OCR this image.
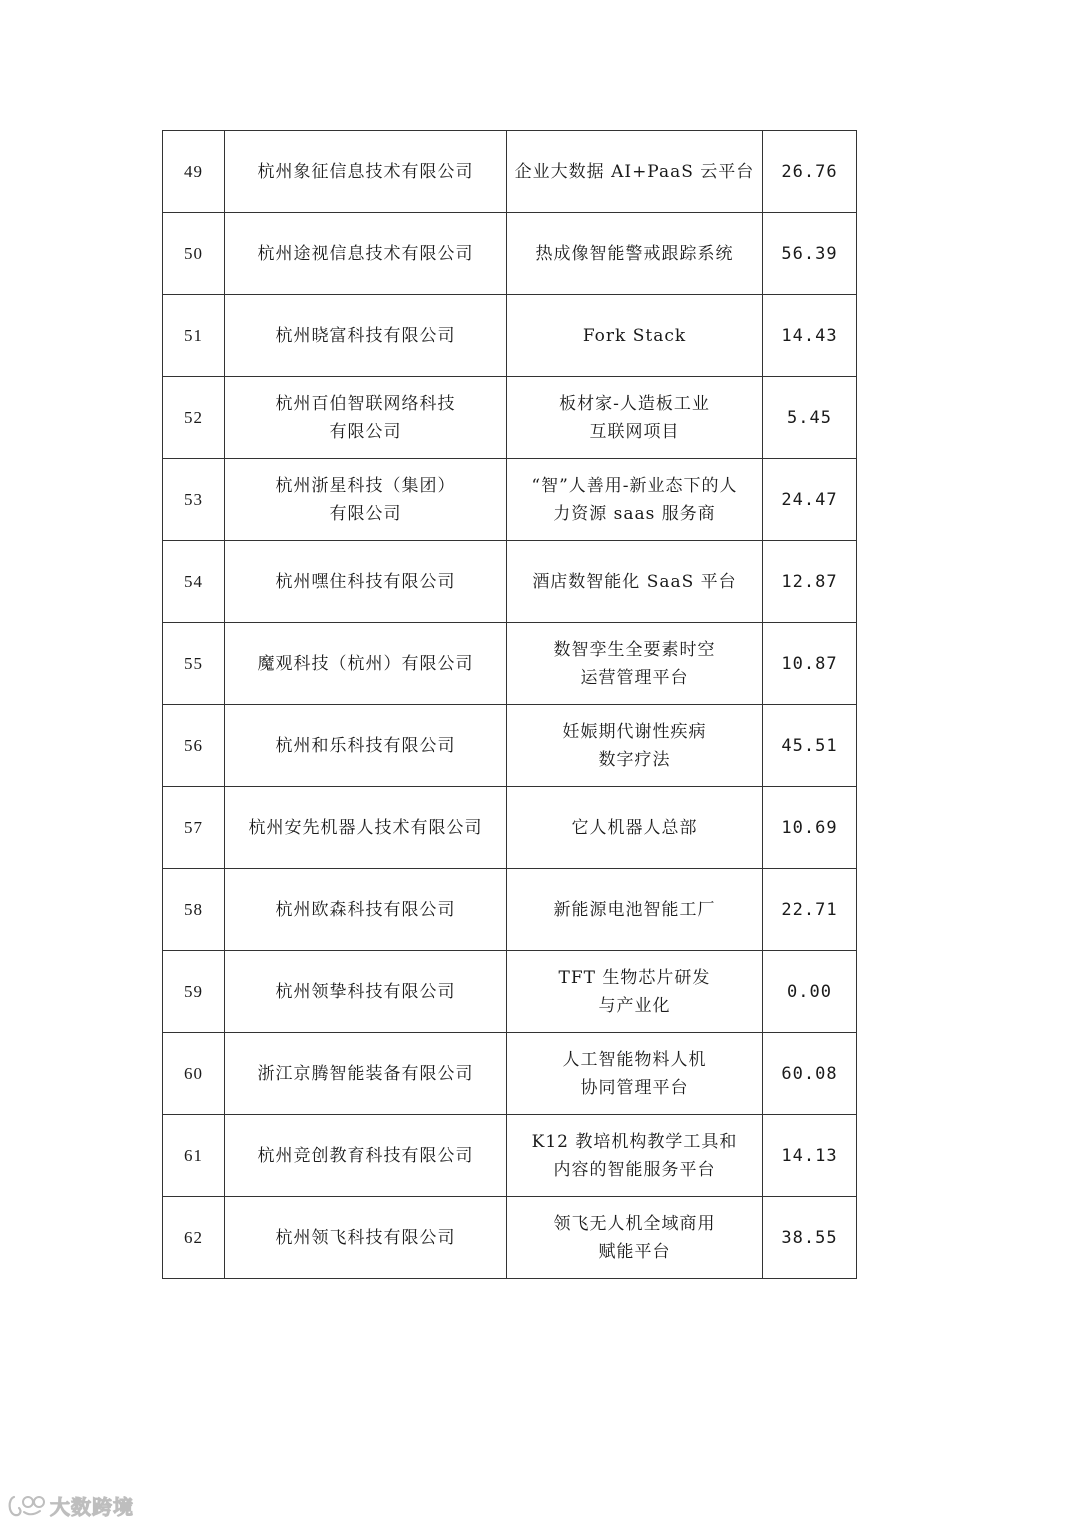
49	杭州象征信息技术有限公司	企业大数据 AI+PaaS 云平台	26.76
50	杭州途视信息技术有限公司	热成像智能警戒跟踪系统	56.39
51	杭州晓富科技有限公司	Fork Stack	14.43
52	杭州百伯智联网络科技
有限公司	板材家-人造板工业
互联网项目	5.45
53	杭州浙星科技（集团）
有限公司	“智”人善用-新业态下的人
力资源 saas 服务商	24.47
54	杭州嘿住科技有限公司	酒店数智能化 SaaS 平台	12.87
55	魔观科技（杭州）有限公司	数智孪生全要素时空
运营管理平台	10.87
56	杭州和乐科技有限公司	妊娠期代谢性疾病
数字疗法	45.51
57	杭州安先机器人技术有限公司	它人机器人总部	10.69
58	杭州欧森科技有限公司	新能源电池智能工厂	22.71
59	杭州领挚科技有限公司	TFT 生物芯片研发
与产业化	0.00
60	浙江京腾智能装备有限公司	人工智能物料人机
协同管理平台	60.08
61	杭州竞创教育科技有限公司	K12 教培机构教学工具和
内容的智能服务平台	14.13
62	杭州领飞科技有限公司	领飞无人机全域商用
赋能平台	38.55
大数跨境
